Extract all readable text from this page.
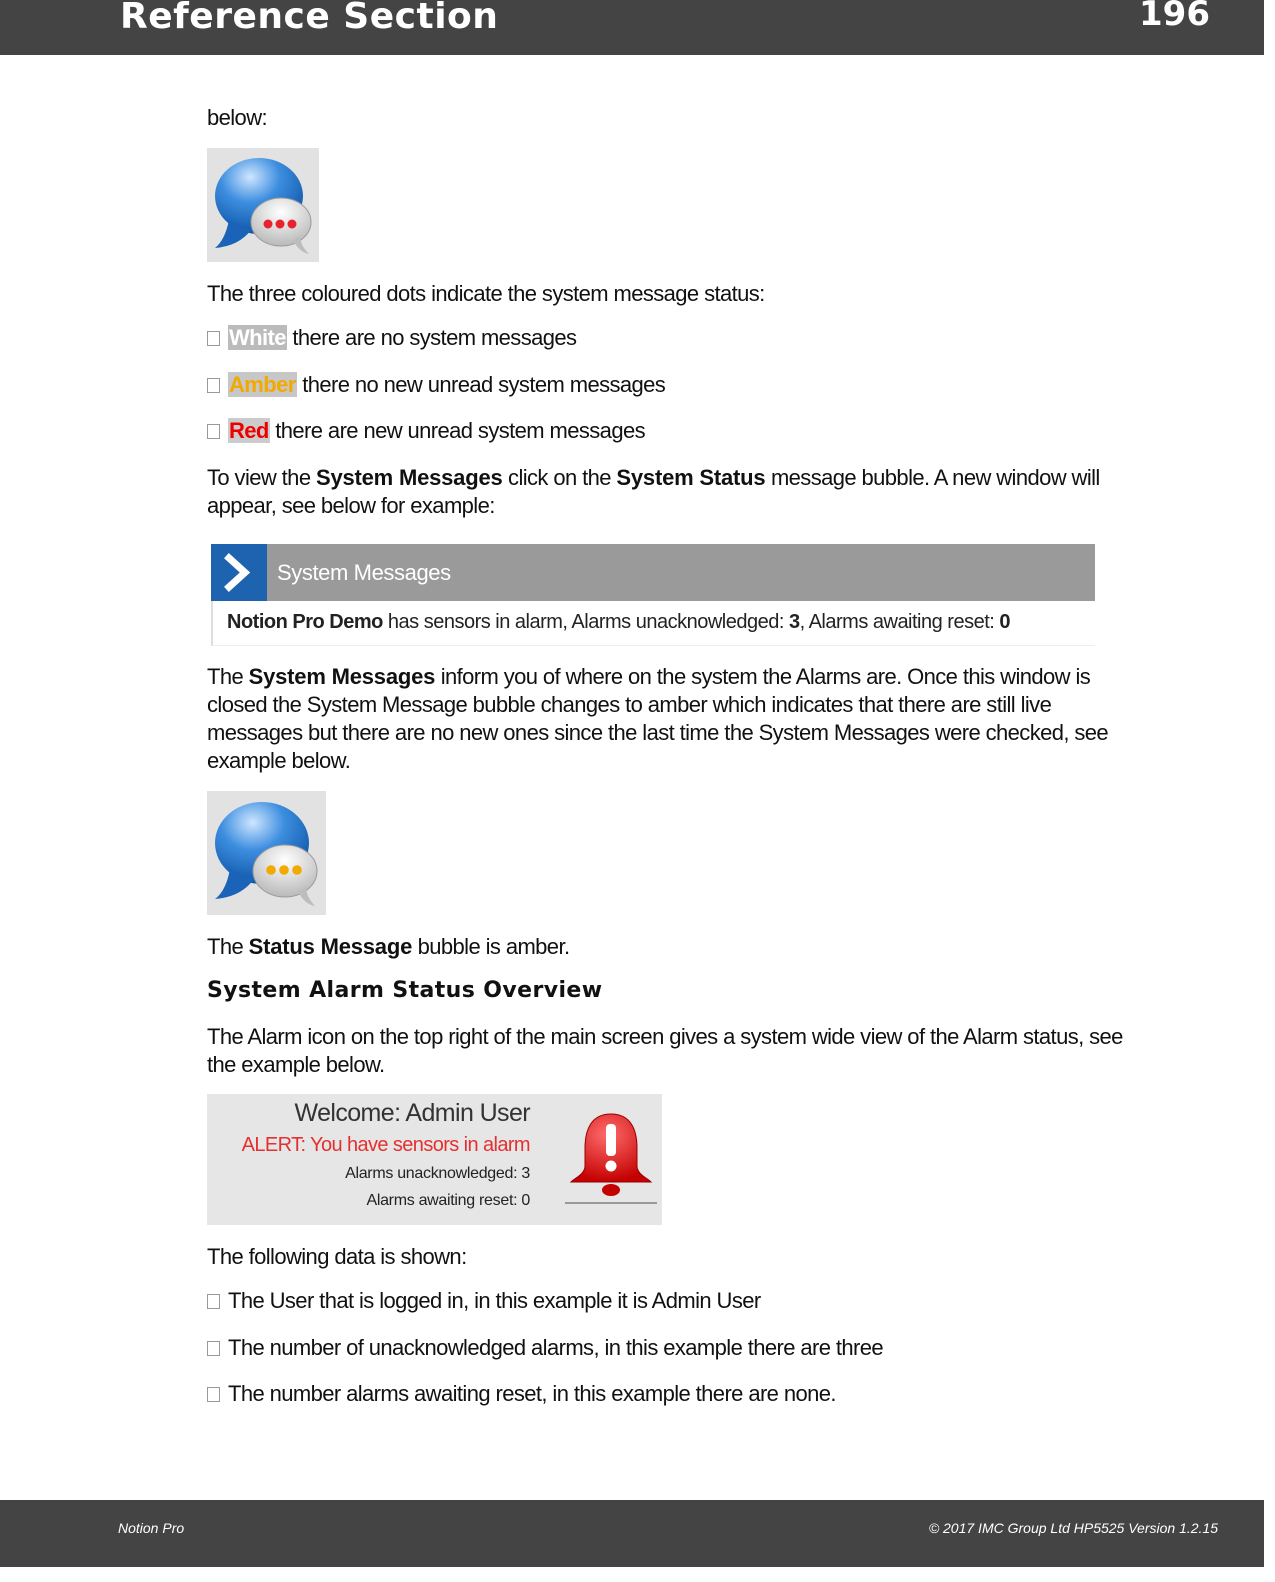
Reference Section	196
below:
The three coloured dots indicate the system message status:
White there are no system messages
Amber there no new unread system messages
Red there are new unread system messages
To view the System Messages click on the System Status message bubble. A new window will appear, see below for example:
System Messages
Notion Pro Demo has sensors in alarm, Alarms unacknowledged: 3, Alarms awaiting reset: 0
The System Messages inform you of where on the system the Alarms are. Once this window is closed the System Message bubble changes to amber which indicates that there are still live messages but there are no new ones since the last time the System Messages were checked, see example below.
The Status Message bubble is amber.
System Alarm Status Overview
The Alarm icon on the top right of the main screen gives a system wide view of the Alarm status, see the example below.
Welcome: Admin User
ALERT: You have sensors in alarm
Alarms unacknowledged: 3
Alarms awaiting reset: 0
The following data is shown:
The User that is logged in, in this example it is Admin User
The number of unacknowledged alarms, in this example there are three
The number alarms awaiting reset, in this example there are none.
Notion Pro	© 2017 IMC Group Ltd HP5525 Version 1.2.15
